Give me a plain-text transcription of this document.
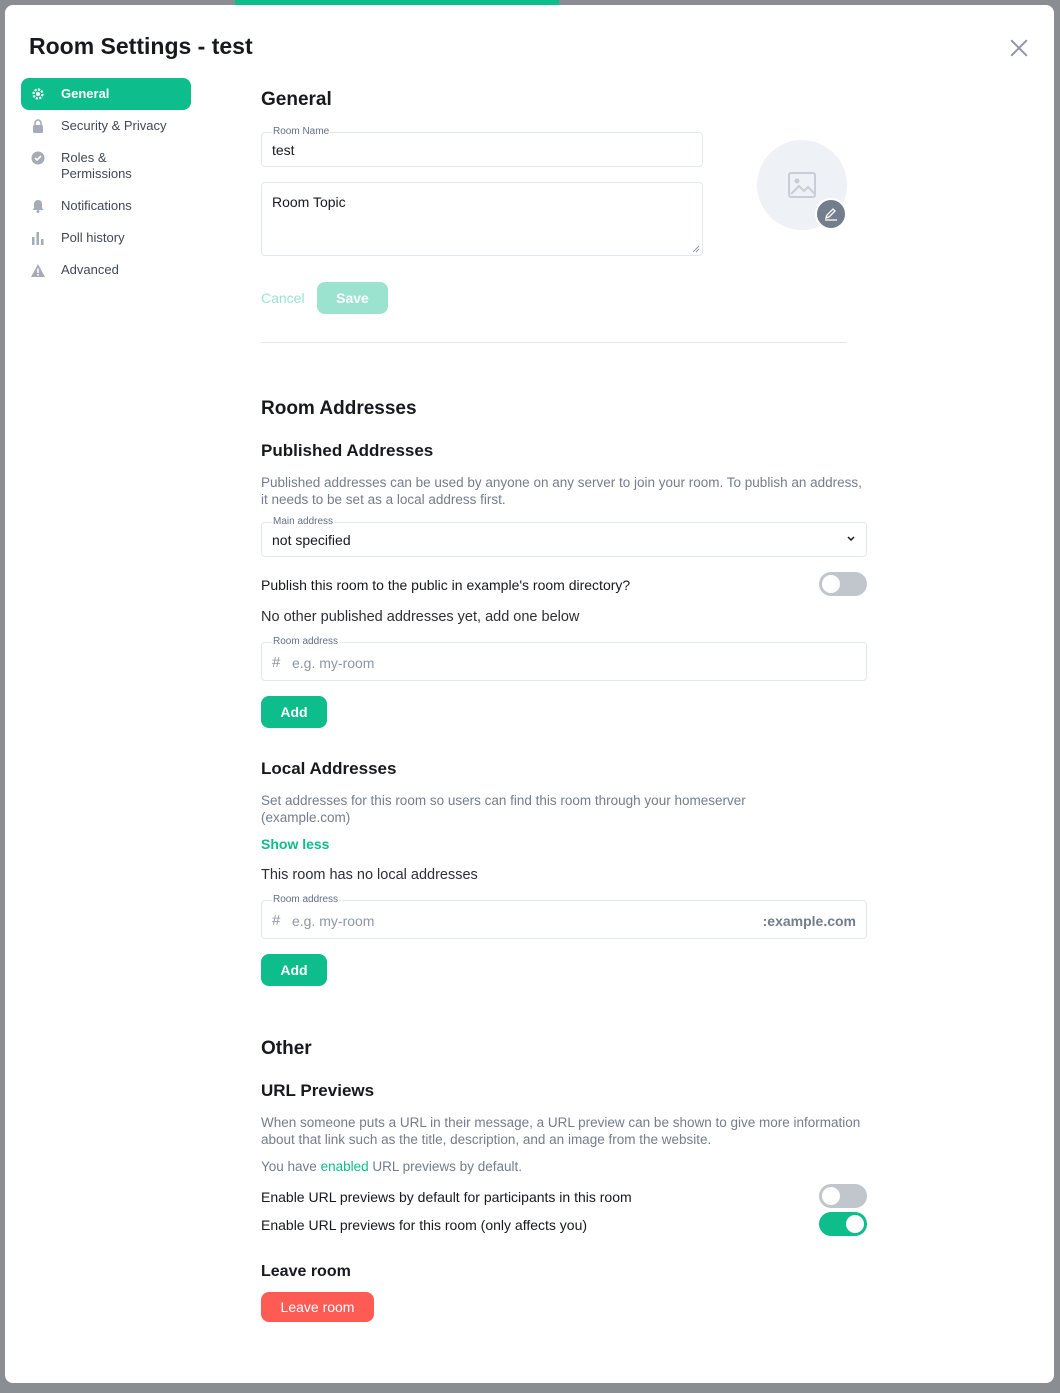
Room Settings - test
General
Security & Privacy
Roles & Permissions
Notifications
Poll history
Advanced
General
Room Name
test
Room Topic
Cancel	Save
Room Addresses
Published Addresses
Published addresses can be used by anyone on any server to join your room. To publish an address, it needs to be set as a local address first.
Main address
not specified
Publish this room to the public in example's room directory?
No other published addresses yet, add one below
Room address
# e.g. my-room
Add
Local Addresses
Set addresses for this room so users can find this room through your homeserver (example.com)
Show less
This room has no local addresses
Room address
# e.g. my-room	:example.com
Add
Other
URL Previews
When someone puts a URL in their message, a URL preview can be shown to give more information about that link such as the title, description, and an image from the website.
You have enabled URL previews by default.
Enable URL previews by default for participants in this room
Enable URL previews for this room (only affects you)
Leave room
Leave room
